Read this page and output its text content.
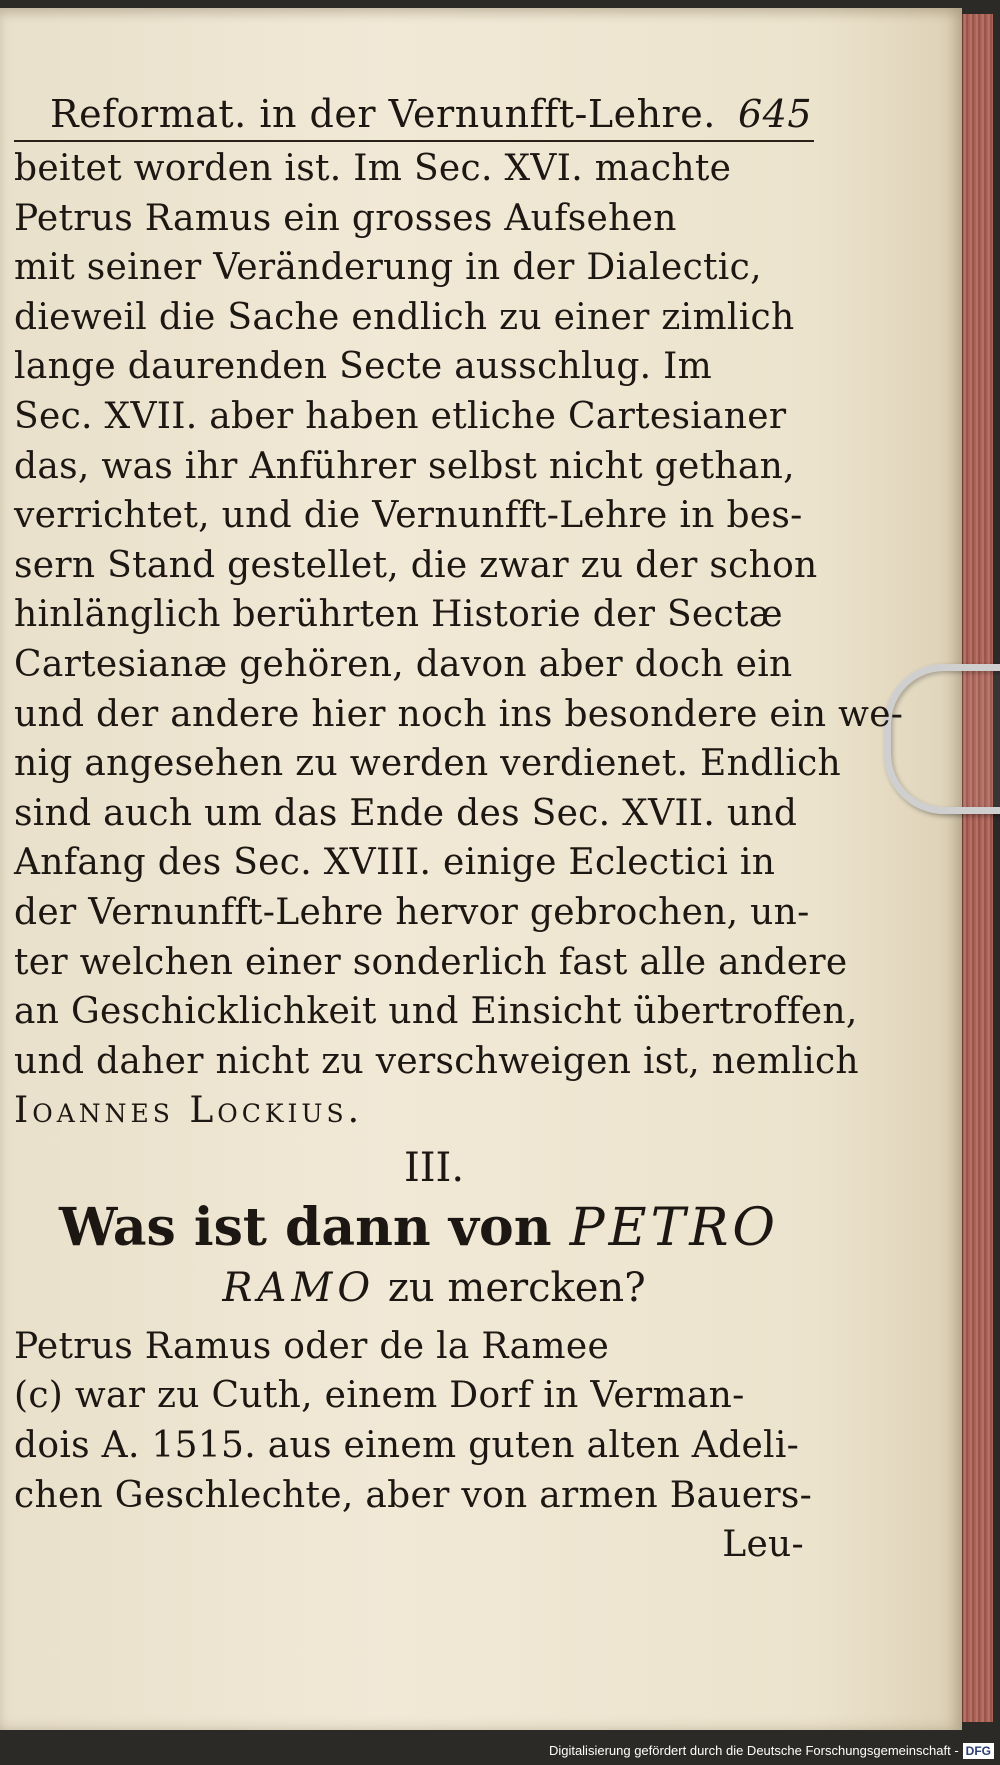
Reformat. in der Vernunfft-Lehre. 645
beitet worden ist. Im Sec. XVI. machte
Petrus Ramus ein grosses Aufsehen
mit seiner Veränderung in der Dialectic,
dieweil die Sache endlich zu einer zimlich
lange daurenden Secte ausschlug. Im
Sec. XVII. aber haben etliche Cartesianer
das, was ihr Anführer selbst nicht gethan,
verrichtet, und die Vernunfft-Lehre in bes-
sern Stand gestellet, die zwar zu der schon
hinlänglich berührten Historie der Sectæ
Cartesianæ gehören, davon aber doch ein
und der andere hier noch ins besondere ein we-
nig angesehen zu werden verdienet. Endlich
sind auch um das Ende des Sec. XVII. und
Anfang des Sec. XVIII. einige Eclectici in
der Vernunfft-Lehre hervor gebrochen, un-
ter welchen einer sonderlich fast alle andere
an Geschicklichkeit und Einsicht übertroffen,
und daher nicht zu verschweigen ist, nemlich
Ioannes Lockius.
III.
Was ist dann von PETRO
RAMO zu mercken?
Petrus Ramus oder de la Ramee
(c) war zu Cuth, einem Dorf in Verman-
dois A. 1515. aus einem guten alten Adeli-
chen Geschlechte, aber von armen Bauers-
Leu-
Digitalisierung gefördert durch die Deutsche Forschungsgemeinschaft - DFG
